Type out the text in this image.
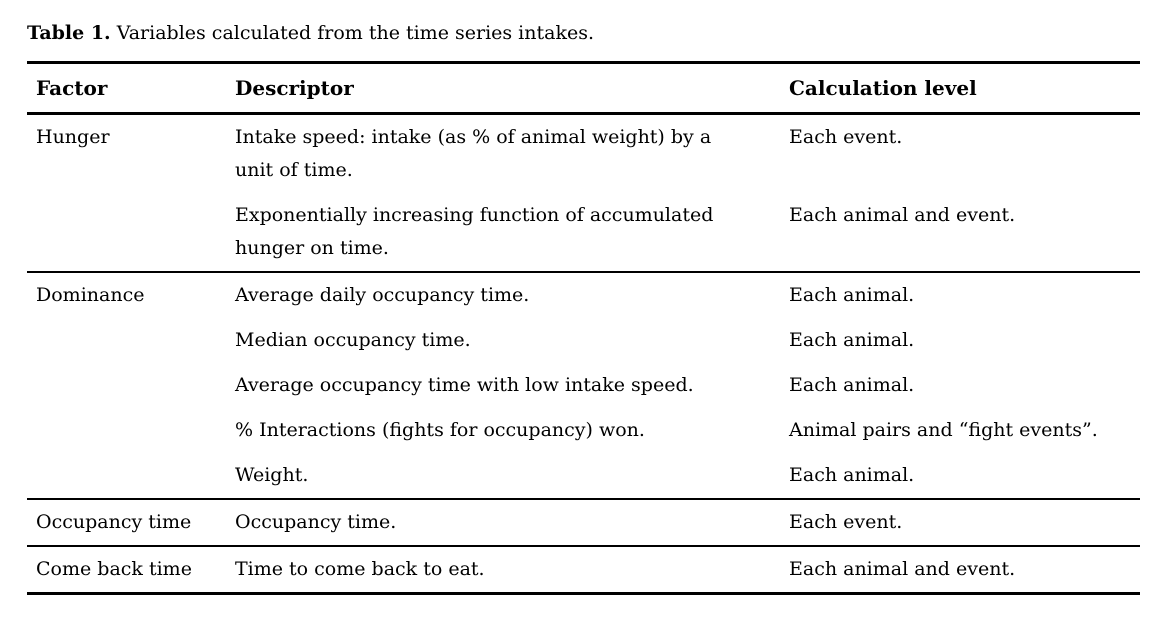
Table 1. Variables calculated from the time series intakes.

Factor	Descriptor	Calculation level
Hunger	Intake speed: intake (as % of animal weight) by a unit of time.	Each event.
	Exponentially increasing function of accumulated hunger on time.	Each animal and event.
Dominance	Average daily occupancy time.	Each animal.
	Median occupancy time.	Each animal.
	Average occupancy time with low intake speed.	Each animal.
	% Interactions (fights for occupancy) won.	Animal pairs and “fight events”.
	Weight.	Each animal.
Occupancy time	Occupancy time.	Each event.
Come back time	Time to come back to eat.	Each animal and event.
